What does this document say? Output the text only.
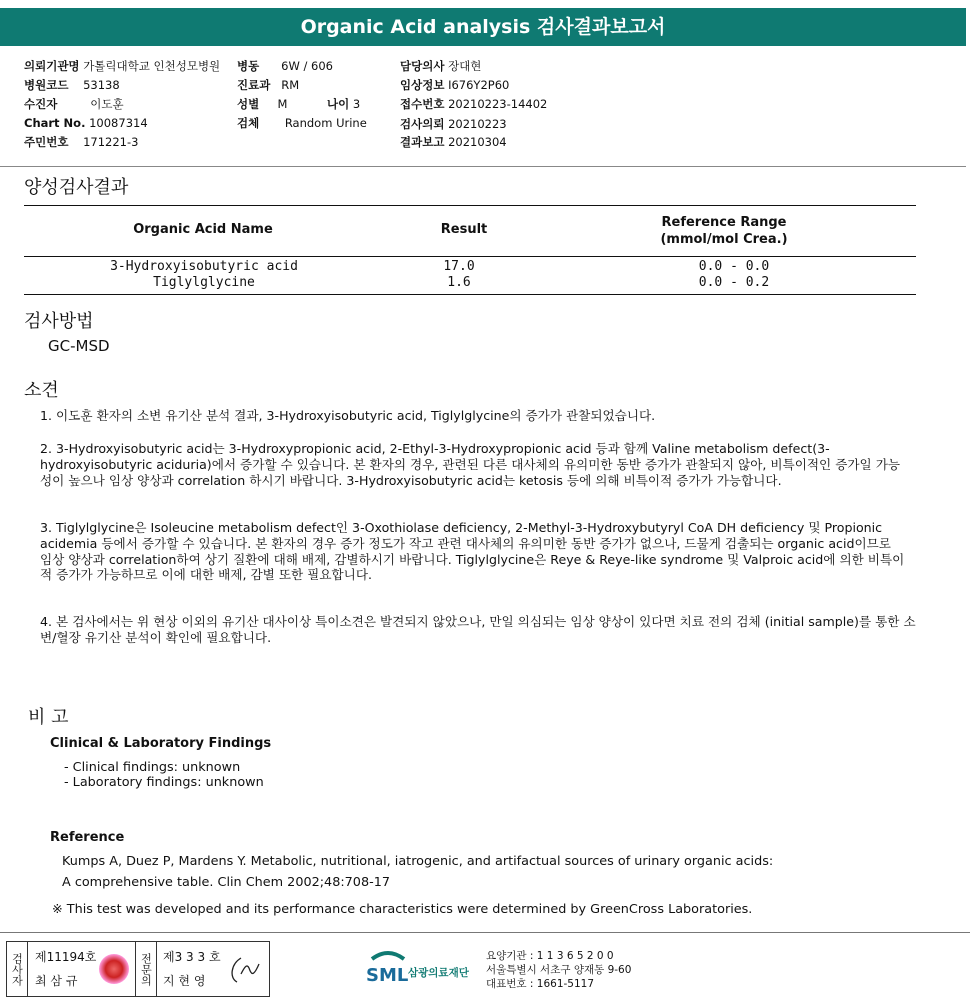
Organic Acid analysis 검사결과보고서
의뢰기관명 가톨릭대학교 인천성모병원 병동 6W / 606	담당의사 장대현
병원코드 53138	진료과 RM	임상정보 I676Y2P60
수진자	이도훈	성별 M	나이 3	접수번호 20210223-14402
Chart No. 10087314	검체 Random Urine	검사의뢰 20210223
주민번호 171221-3	결과보고 20210304
양성검사결과
Organic Acid Name	Result	Reference Range
(mmol/mol Crea.)
3-Hydroxyisobutyric acid	17.0	0.0 - 0.0
Tiglylglycine	1.6	0.0 - 0.2
검사방법
GC-MSD
소견

1. 이도훈 환자의 소변 유기산 분석 결과, 3-Hydroxyisobutyric acid, Tiglylglycine의 증가가 관찰되었습니다.

2. 3-Hydroxyisobutyric acid는 3-Hydroxypropionic acid, 2-Ethyl-3-Hydroxypropionic acid 등과 함께 Valine metabolism defect(3-hydroxyisobutyric aciduria)에서 증가할 수 있습니다. 본 환자의 경우, 관련된 다른 대사체의 유의미한 동반 증가가 관찰되지 않아, 비특이적인 증가일 가능성이 높으나 임상 양상과 correlation 하시기 바랍니다. 3-Hydroxyisobutyric acid는 ketosis 등에 의해 비특이적 증가가 가능합니다.

3. Tiglylglycine은 Isoleucine metabolism defect인 3-Oxothiolase deficiency, 2-Methyl-3-Hydroxybutyryl CoA DH deficiency 및 Propionic acidemia 등에서 증가할 수 있습니다. 본 환자의 경우 증가 정도가 작고 관련 대사체의 유의미한 동반 증가가 없으나, 드물게 검출되는 organic acid이므로 임상 양상과 correlation하여 상기 질환에 대해 배제, 감별하시기 바랍니다. Tiglylglycine은 Reye & Reye-like syndrome 및 Valproic acid에 의한 비특이적 증가가 가능하므로 이에 대한 배제, 감별 또한 필요합니다.

4. 본 검사에서는 위 현상 이외의 유기산 대사이상 특이소견은 발견되지 않았으나, 만일 의심되는 임상 양상이 있다면 치료 전의 검체 (initial sample)를 통한 소변/혈장 유기산 분석이 확인에 필요합니다.

비 고
Clinical & Laboratory Findings
- Clinical findings: unknown
- Laboratory findings: unknown
Reference
Kumps A, Duez P, Mardens Y. Metabolic, nutritional, iatrogenic, and artifactual sources of urinary organic acids:
A comprehensive table. Clin Chem 2002;48:708-17
※ This test was developed and its performance characteristics were determined by GreenCross Laboratories.
검사자 제11194호
최 삼 규	전문의 제3 3 3 호
지 현 영	SML 삼광의료재단
요양기관 : 1 1 3 6 5 2 0 0
서울특별시 서초구 양재동 9-60
대표번호 : 1661-5117
